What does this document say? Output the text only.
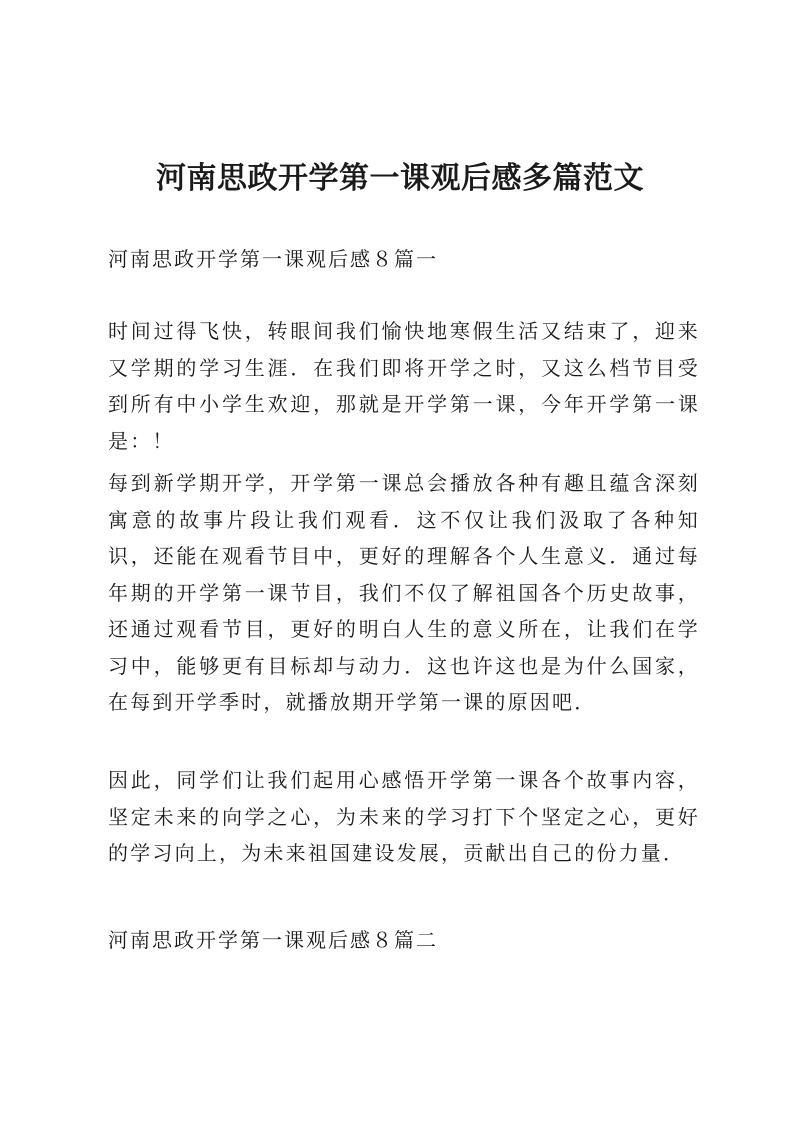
河南思政开学第一课观后感多篇范文
河南思政开学第一课观后感８篇一

时间过得飞快，转眼间我们愉快地寒假生活又结束了，迎来又学期的学习生涯．在我们即将开学之时，又这么档节目受到所有中小学生欢迎，那就是开学第一课，今年开学第一课是：！

每到新学期开学，开学第一课总会播放各种有趣且蕴含深刻寓意的故事片段让我们观看．这不仅让我们汲取了各种知识，还能在观看节目中，更好的理解各个人生意义．通过每年期的开学第一课节目，我们不仅了解祖国各个历史故事，还通过观看节目，更好的明白人生的意义所在，让我们在学习中，能够更有目标却与动力．这也许这也是为什么国家，在每到开学季时，就播放期开学第一课的原因吧．

因此，同学们让我们起用心感悟开学第一课各个故事内容，坚定未来的向学之心，为未来的学习打下个坚定之心，更好的学习向上，为未来祖国建设发展，贡献出自己的份力量．

河南思政开学第一课观后感８篇二
